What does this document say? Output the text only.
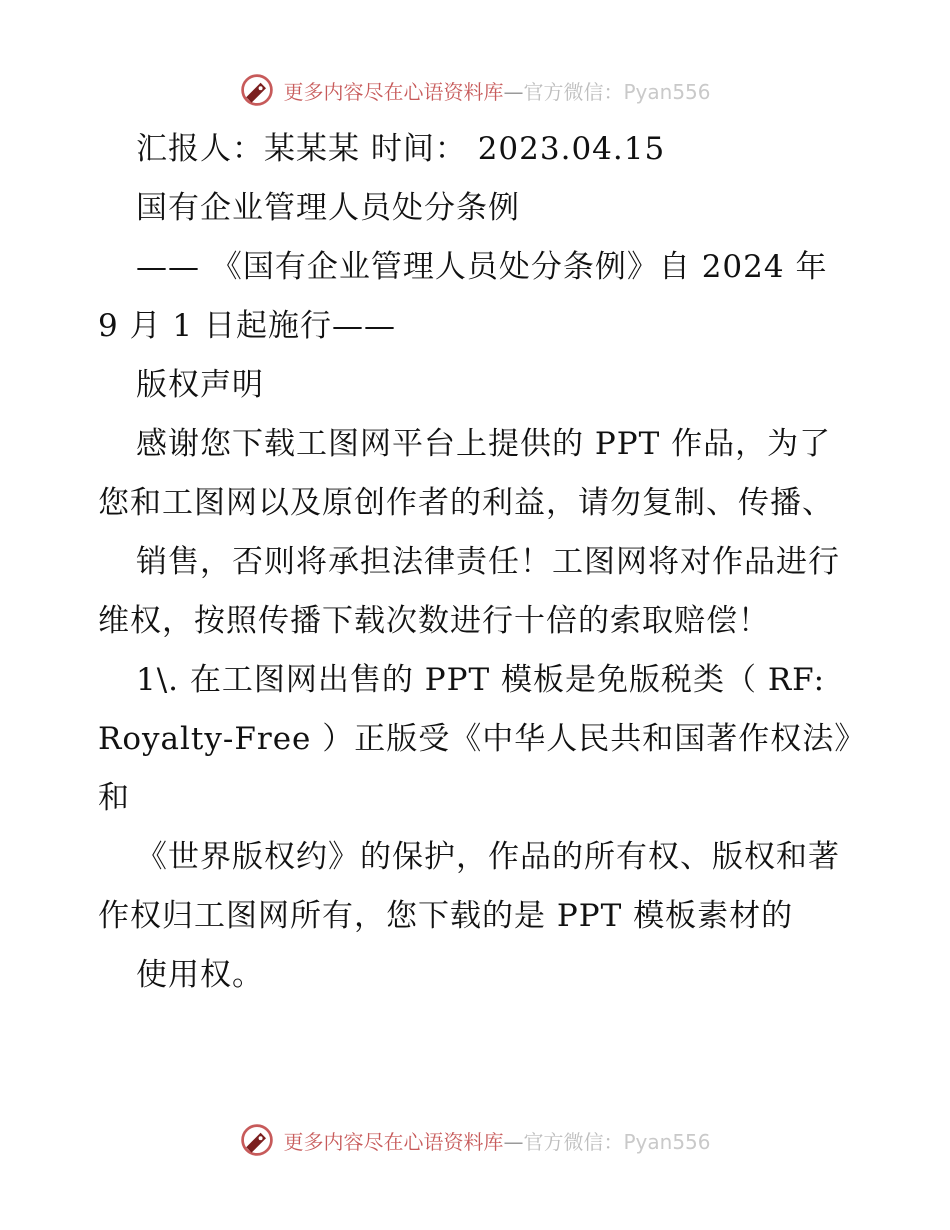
更多内容尽在心语资料库—官方微信：Pyan556

汇报人：某某某 时间： 2023.04.15

国有企业管理人员处分条例

—— 《国有企业管理人员处分条例》自 2024 年 9 月 1 日起施行——

版权声明

感谢您下载工图网平台上提供的 PPT 作品，为了您和工图网以及原创作者的利益，请勿复制、传播、

销售，否则将承担法律责任！工图网将对作品进行维权，按照传播下载次数进行十倍的索取赔偿！

1\. 在工图网出售的 PPT 模板是免版税类（ RF: Royalty-Free ）正版受《中华人民共和国著作权法》和

《世界版权约》的保护，作品的所有权、版权和著作权归工图网所有，您下载的是 PPT 模板素材的

使用权。

更多内容尽在心语资料库—官方微信：Pyan556
